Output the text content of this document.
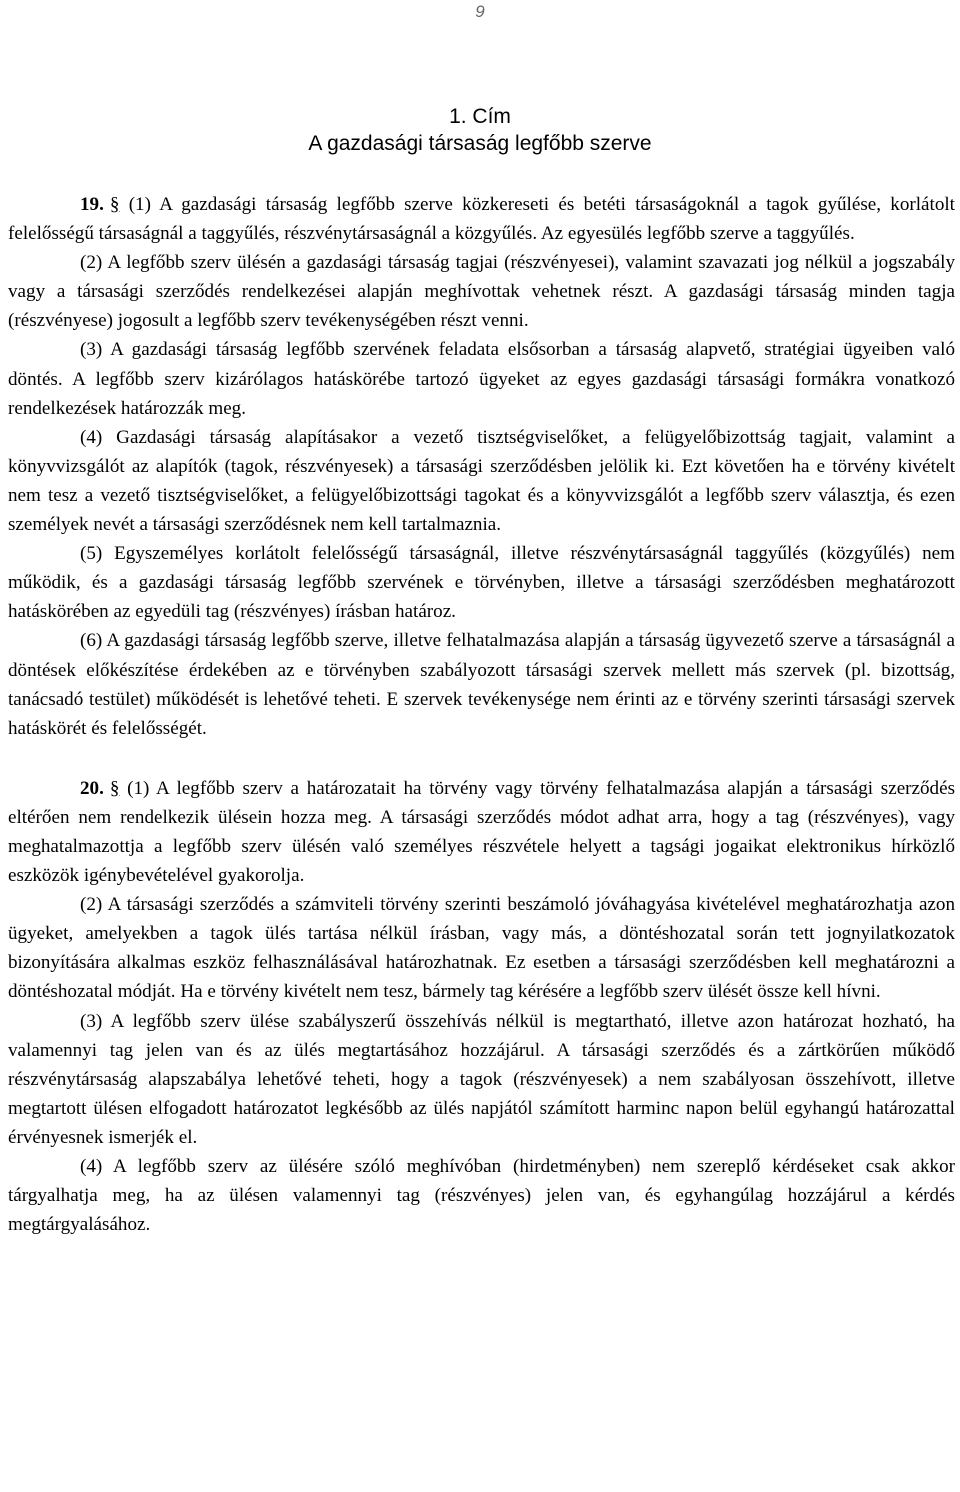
9
1. Cím
A gazdasági társaság legfőbb szerve

19. § (1) A gazdasági társaság legfőbb szerve közkereseti és betéti társaságoknál a tagok gyűlése, korlátolt felelősségű társaságnál a taggyűlés, részvénytársaságnál a közgyűlés. Az egyesülés legfőbb szerve a taggyűlés.

(2) A legfőbb szerv ülésén a gazdasági társaság tagjai (részvényesei), valamint szavazati jog nélkül a jogszabály vagy a társasági szerződés rendelkezései alapján meghívottak vehetnek részt. A gazdasági társaság minden tagja (részvényese) jogosult a legfőbb szerv tevékenységében részt venni.

(3) A gazdasági társaság legfőbb szervének feladata elsősorban a társaság alapvető, stratégiai ügyeiben való döntés. A legfőbb szerv kizárólagos hatáskörébe tartozó ügyeket az egyes gazdasági társasági formákra vonatkozó rendelkezések határozzák meg.

(4) Gazdasági társaság alapításakor a vezető tisztségviselőket, a felügyelőbizottság tagjait, valamint a könyvvizsgálót az alapítók (tagok, részvényesek) a társasági szerződésben jelölik ki. Ezt követően ha e törvény kivételt nem tesz a vezető tisztségviselőket, a felügyelőbizottsági tagokat és a könyvvizsgálót a legfőbb szerv választja, és ezen személyek nevét a társasági szerződésnek nem kell tartalmaznia.

(5) Egyszemélyes korlátolt felelősségű társaságnál, illetve részvénytársaságnál taggyűlés (közgyűlés) nem működik, és a gazdasági társaság legfőbb szervének e törvényben, illetve a társasági szerződésben meghatározott hatáskörében az egyedüli tag (részvényes) írásban határoz.

(6) A gazdasági társaság legfőbb szerve, illetve felhatalmazása alapján a társaság ügyvezető szerve a társaságnál a döntések előkészítése érdekében az e törvényben szabályozott társasági szervek mellett más szervek (pl. bizottság, tanácsadó testület) működését is lehetővé teheti. E szervek tevékenysége nem érinti az e törvény szerinti társasági szervek hatáskörét és felelősségét.

20. § (1) A legfőbb szerv a határozatait ha törvény vagy törvény felhatalmazása alapján a társasági szerződés eltérően nem rendelkezik ülésein hozza meg. A társasági szerződés módot adhat arra, hogy a tag (részvényes), vagy meghatalmazottja a legfőbb szerv ülésén való személyes részvétele helyett a tagsági jogaikat elektronikus hírközlő eszközök igénybevételével gyakorolja.

(2) A társasági szerződés a számviteli törvény szerinti beszámoló jóváhagyása kivételével meghatározhatja azon ügyeket, amelyekben a tagok ülés tartása nélkül írásban, vagy más, a döntéshozatal során tett jognyilatkozatok bizonyítására alkalmas eszköz felhasználásával határozhatnak. Ez esetben a társasági szerződésben kell meghatározni a döntéshozatal módját. Ha e törvény kivételt nem tesz, bármely tag kérésére a legfőbb szerv ülését össze kell hívni.

(3) A legfőbb szerv ülése szabályszerű összehívás nélkül is megtartható, illetve azon határozat hozható, ha valamennyi tag jelen van és az ülés megtartásához hozzájárul. A társasági szerződés és a zártkörűen működő részvénytársaság alapszabálya lehetővé teheti, hogy a tagok (részvényesek) a nem szabályosan összehívott, illetve megtartott ülésen elfogadott határozatot legkésőbb az ülés napjától számított harminc napon belül egyhangú határozattal érvényesnek ismerjék el.

(4) A legfőbb szerv az ülésére szóló meghívóban (hirdetményben) nem szereplő kérdéseket csak akkor tárgyalhatja meg, ha az ülésen valamennyi tag (részvényes) jelen van, és egyhangúlag hozzájárul a kérdés megtárgyalásához.
